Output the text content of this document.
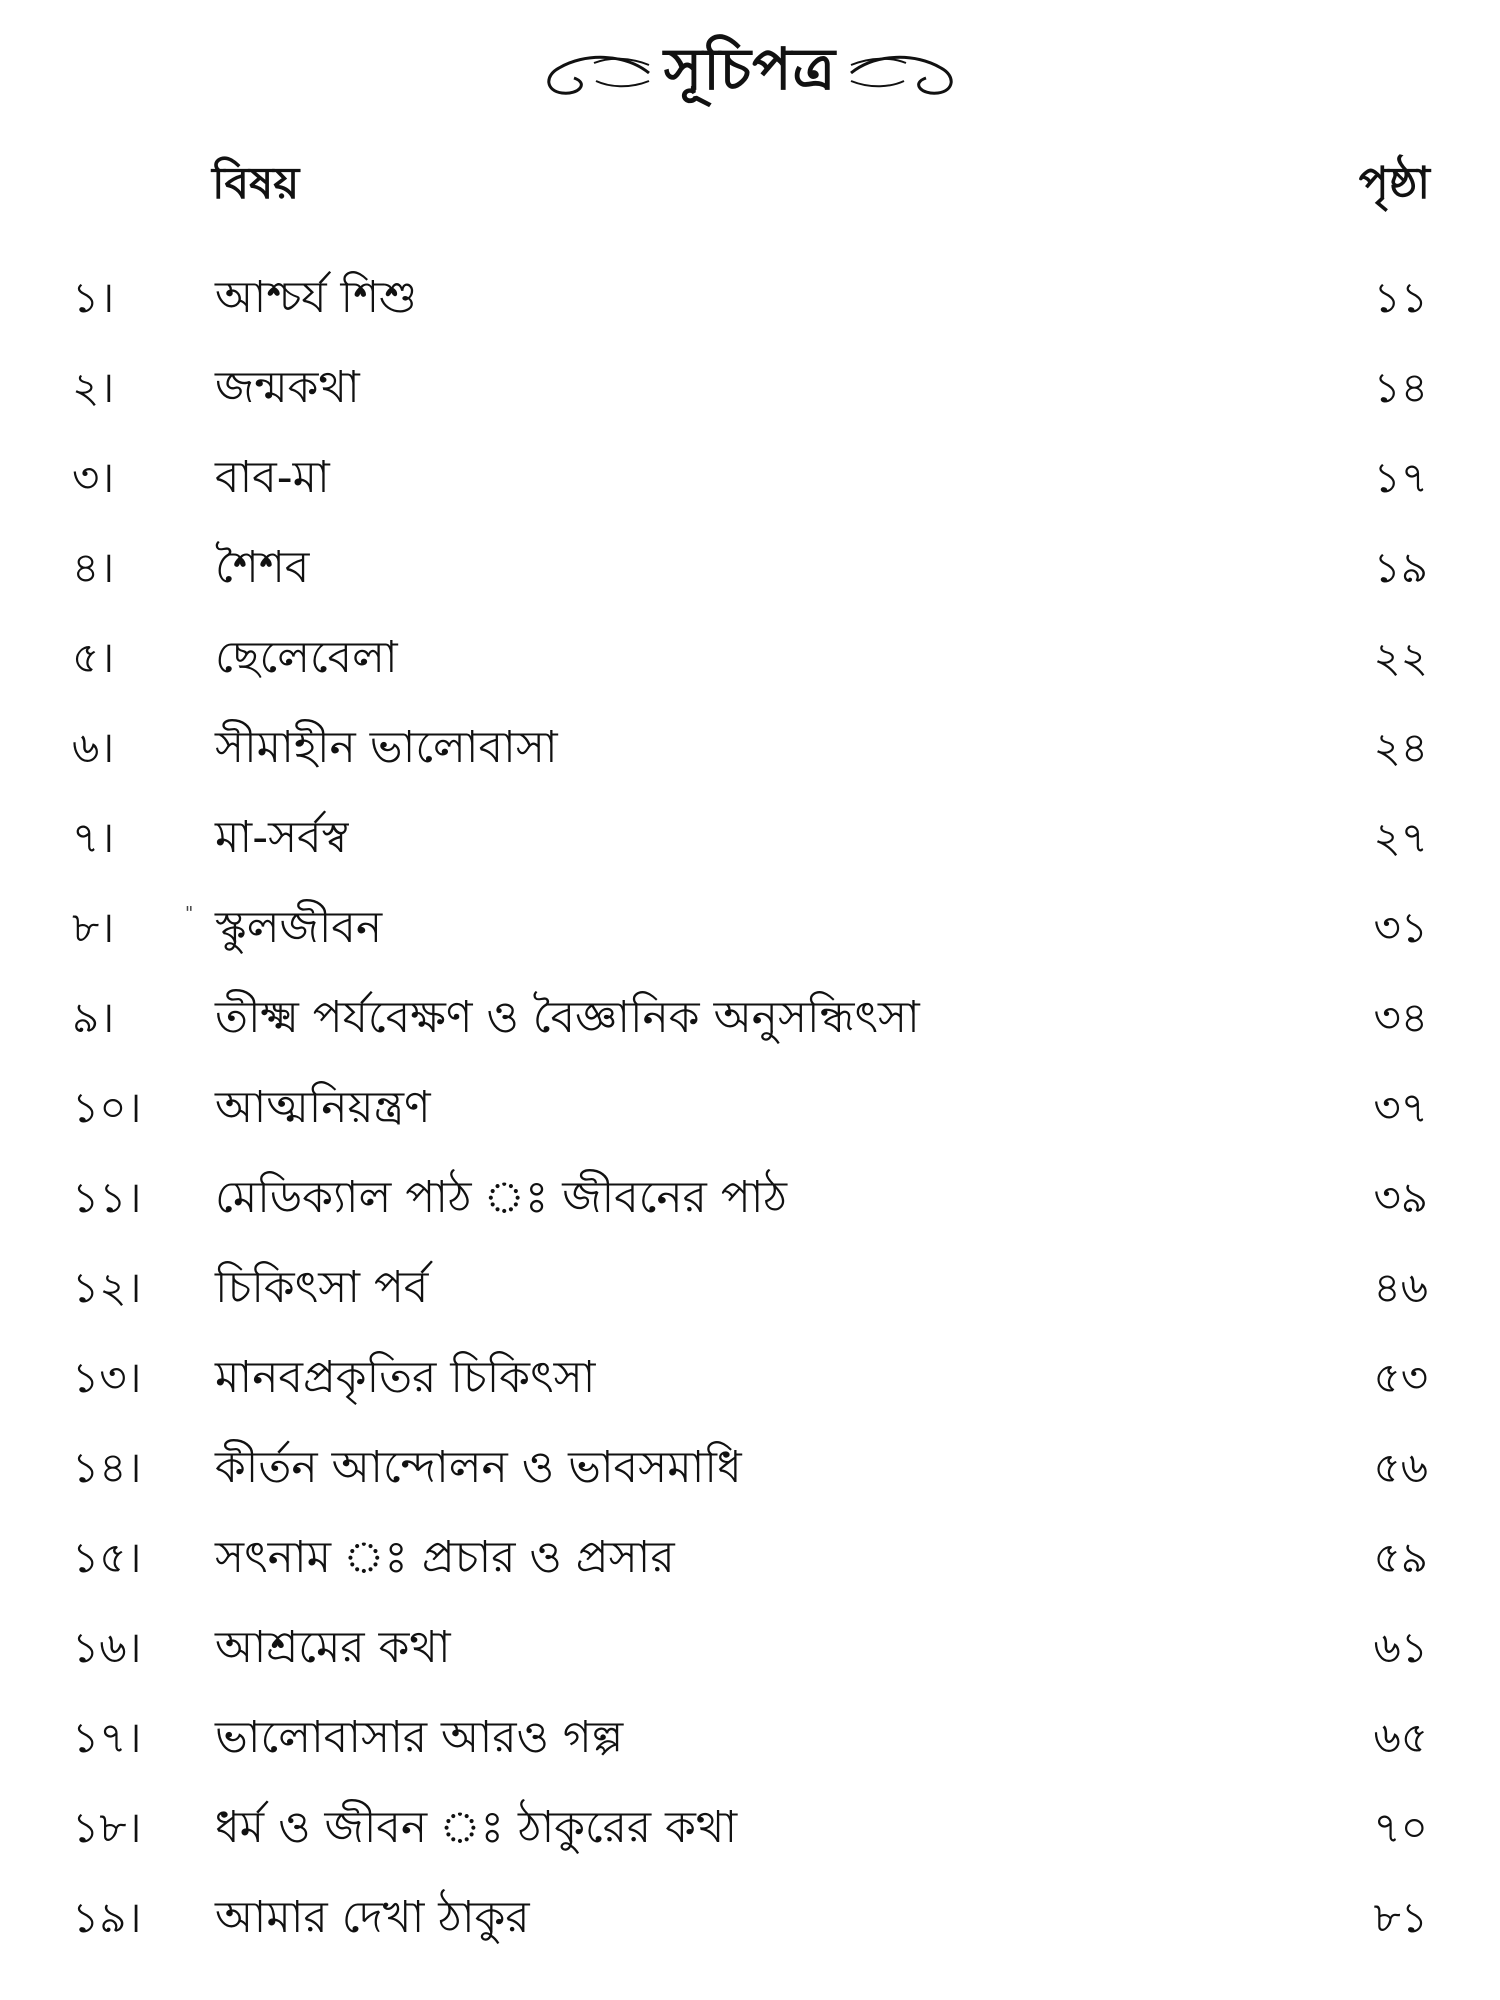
সূচিপত্র
বিষয়	পৃষ্ঠা
১। আশ্চর্য শিশু	১১
২। জন্মকথা	১৪
৩। বাব-মা	১৭
৪। শৈশব	১৯
৫। ছেলেবেলা	২২
৬। সীমাহীন ভালোবাসা	২৪
৭। মা-সর্বস্ব	২৭
৮।	" স্কুলজীবন	৩১
৯। তীক্ষ্ম পর্যবেক্ষণ ও বৈজ্ঞানিক অনুসন্ধিৎসা	৩৪
১০। আত্মনিয়ন্ত্রণ	৩৭
১১। মেডিক্যাল পাঠ ঃ জীবনের পাঠ	৩৯
১২। চিকিৎসা পর্ব	৪৬
১৩। মানবপ্রকৃতির চিকিৎসা	৫৩
১৪। কীর্তন আন্দোলন ও ভাবসমাধি	৫৬
১৫। সৎনাম ঃ প্রচার ও প্রসার	৫৯
১৬। আশ্রমের কথা	৬১
১৭। ভালোবাসার আরও গল্প	৬৫
১৮। ধর্ম ও জীবন ঃ ঠাকুরের কথা	৭০
১৯। আমার দেখা ঠাকুর	৮১
